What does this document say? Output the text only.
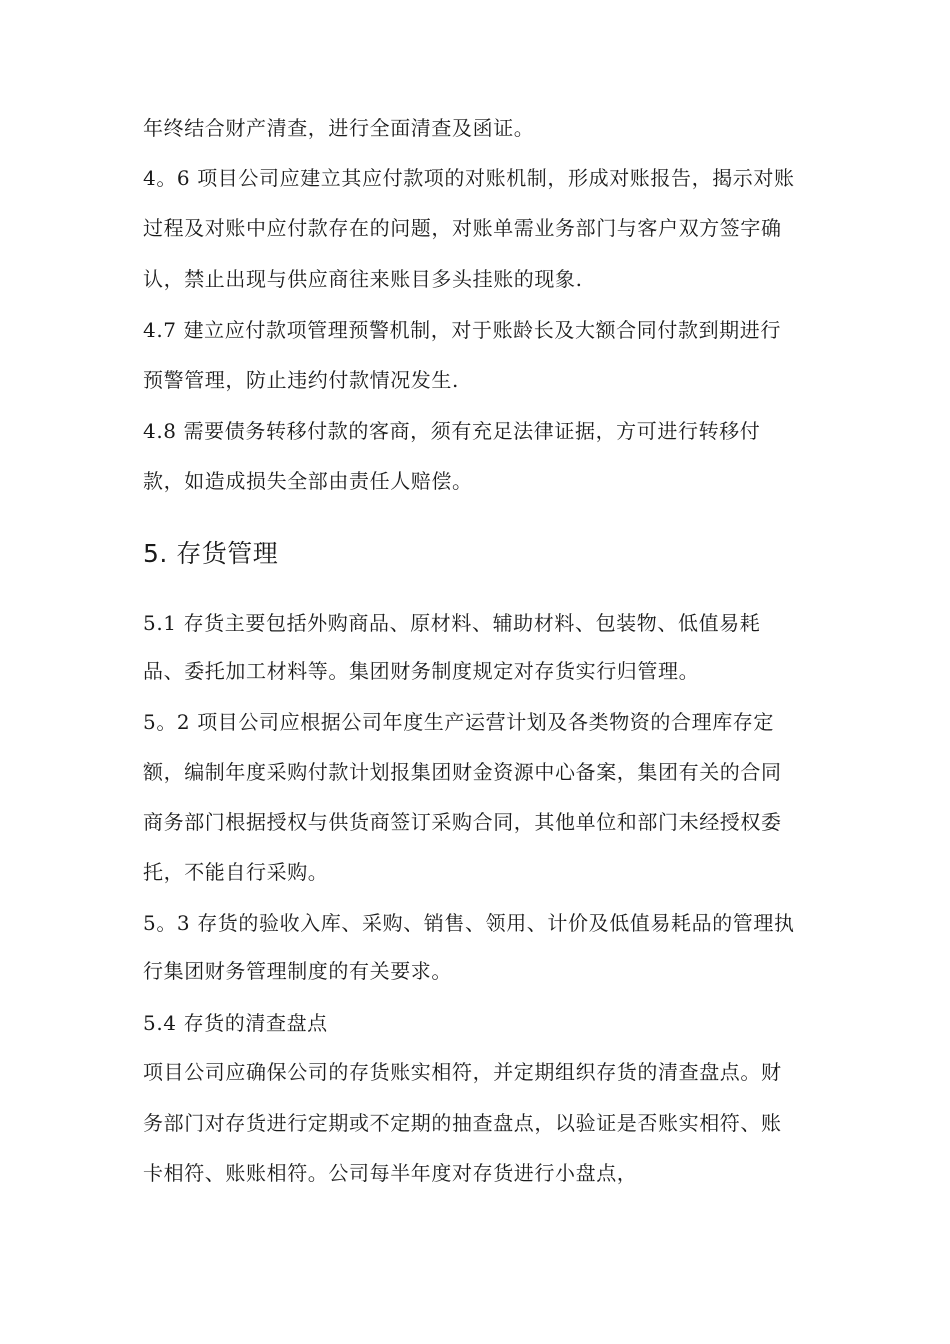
年终结合财产清查，进行全面清查及函证。
4。6 项目公司应建立其应付款项的对账机制，形成对账报告，揭示对账
过程及对账中应付款存在的问题，对账单需业务部门与客户双方签字确
认，禁止出现与供应商往来账目多头挂账的现象.
4.7 建立应付款项管理预警机制，对于账龄长及大额合同付款到期进行
预警管理，防止违约付款情况发生.
4.8 需要债务转移付款的客商，须有充足法律证据，方可进行转移付
款，如造成损失全部由责任人赔偿。
5. 存货管理
5.1 存货主要包括外购商品、原材料、辅助材料、包装物、低值易耗
品、委托加工材料等。集团财务制度规定对存货实行归管理。
5。2 项目公司应根据公司年度生产运营计划及各类物资的合理库存定
额，编制年度采购付款计划报集团财金资源中心备案，集团有关的合同
商务部门根据授权与供货商签订采购合同，其他单位和部门未经授权委
托，不能自行采购。
5。3 存货的验收入库、采购、销售、领用、计价及低值易耗品的管理执
行集团财务管理制度的有关要求。
5.4 存货的清查盘点
项目公司应确保公司的存货账实相符，并定期组织存货的清查盘点。财
务部门对存货进行定期或不定期的抽查盘点，以验证是否账实相符、账
卡相符、账账相符。公司每半年度对存货进行小盘点，
